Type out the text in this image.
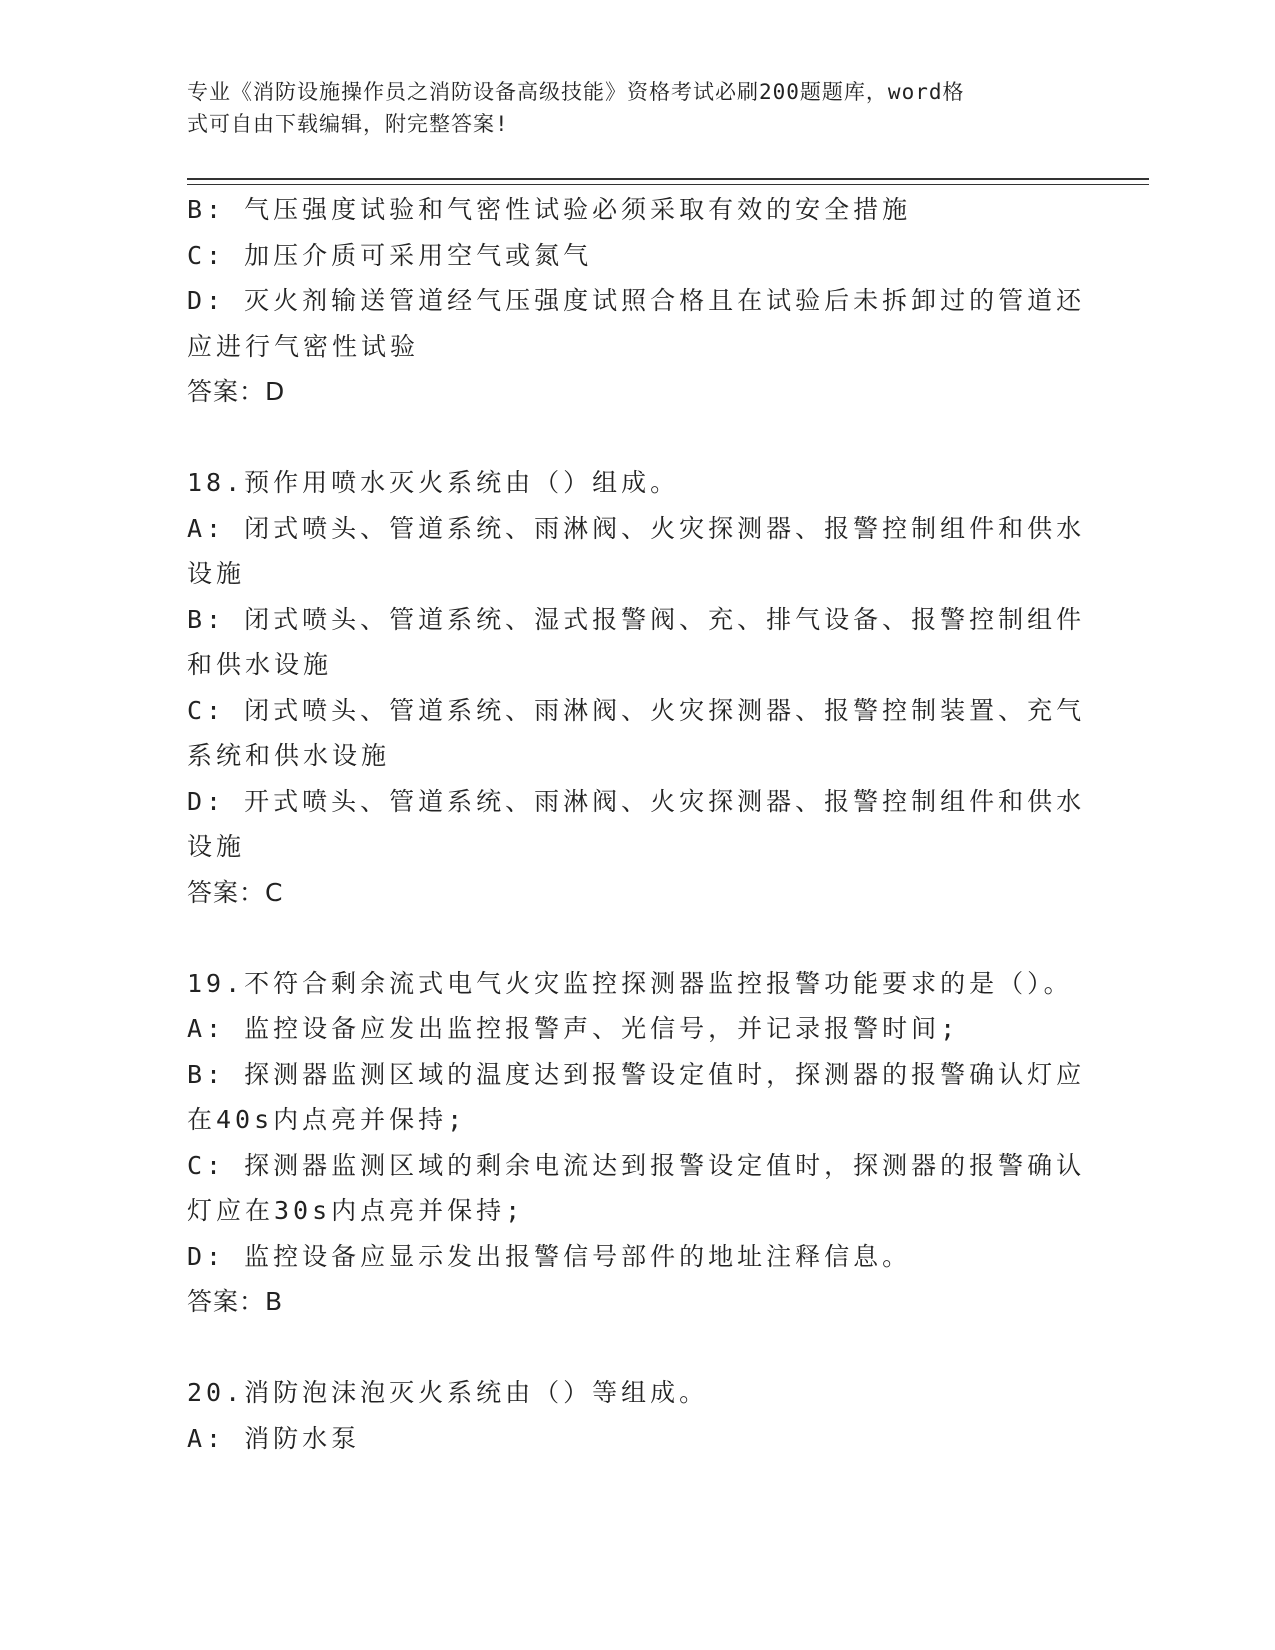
专业《消防设施操作员之消防设备高级技能》资格考试必刷200题题库，word格
式可自由下载编辑，附完整答案!
B: 气压强度试验和气密性试验必须采取有效的安全措施
C: 加压介质可采用空气或氮气
D: 灭火剂输送管道经气压强度试照合格且在试验后未拆卸过的管道还
应进行气密性试验
答案：D
18.预作用喷水灭火系统由（）组成。
A: 闭式喷头、管道系统、雨淋阀、火灾探测器、报警控制组件和供水
设施
B: 闭式喷头、管道系统、湿式报警阀、充、排气设备、报警控制组件
和供水设施
C: 闭式喷头、管道系统、雨淋阀、火灾探测器、报警控制装置、充气
系统和供水设施
D: 开式喷头、管道系统、雨淋阀、火灾探测器、报警控制组件和供水
设施
答案：C
19.不符合剩余流式电气火灾监控探测器监控报警功能要求的是（）。
A: 监控设备应发出监控报警声、光信号，并记录报警时间;
B: 探测器监测区域的温度达到报警设定值时，探测器的报警确认灯应
在40s内点亮并保持;
C: 探测器监测区域的剩余电流达到报警设定值时，探测器的报警确认
灯应在30s内点亮并保持;
D: 监控设备应显示发出报警信号部件的地址注释信息。
答案：B
20.消防泡沫泡灭火系统由（）等组成。
A: 消防水泵
